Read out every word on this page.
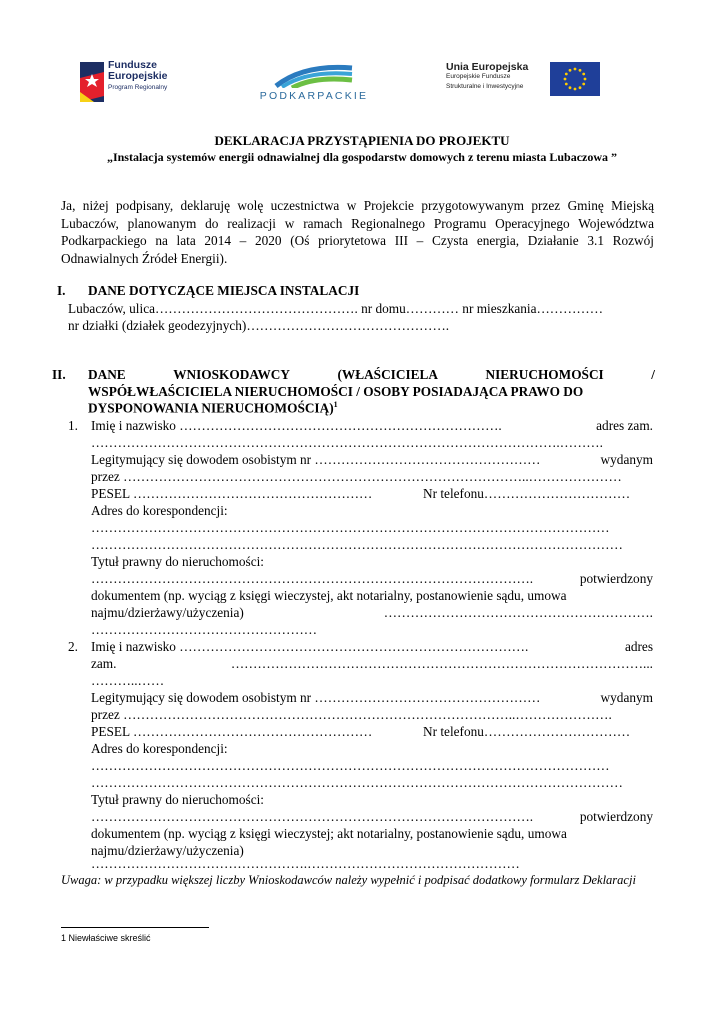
Fundusze
Europejskie
Program Regionalny
PODKARPACKIE
Unia Europejska
Europejskie Fundusze
Strukturalne i Inwestycyjne
DEKLARACJA PRZYSTĄPIENIA DO PROJEKTU
„Instalacja systemów energii odnawialnej dla gospodarstw domowych z terenu miasta Lubaczowa ”
Ja, niżej podpisany, deklaruję wolę uczestnictwa w Projekcie przygotowywanym przez Gminę Miejską Lubaczów, planowanym do realizacji w ramach Regionalnego Programu Operacyjnego Województwa Podkarpackiego na lata 2014 – 2020 (Oś priorytetowa III – Czysta energia, Działanie 3.1 Rozwój Odnawialnych Źródeł Energii).
I. DANE DOTYCZĄCE MIEJSCA INSTALACJI
Lubaczów, ulica………………………………………. nr domu………… nr mieszkania……………
nr działki (działek geodezyjnych)……………………………………….
II. DANE	WNIOSKODAWCY	(WŁAŚCICIELA	NIERUCHOMOŚCI	/
WSPÓŁWŁAŚCICIELA NIERUCHOMOŚCI / OSOBY POSIADAJĄCA PRAWO DO
DYSPONOWANIA NIERUCHOMOŚCIĄ)$^1$
1. Imię i nazwisko ……………………………………………………………….	adres zam.
…………………………………………………………………………………………….……….
Legitymujący się dowodem osobistym nr ……………………………………………	wydanym
przez ………………………………………………………………………………..…………………
PESEL ………………………………………………	Nr telefonu……………………………
Adres do korespondencji:
………………………………………………………………………………………………………
…………………………………………………………………………………………………………
Tytuł prawny do nieruchomości:
……………………………………………………………………………………….	potwierdzony
dokumentem (np. wyciąg z księgi wieczystej, akt notarialny, postanowienie sądu, umowa
najmu/dzierżawy/użyczenia)	…………………………………………………….
……………………………………………
2. Imię i nazwisko …………………………………………………………………….	adres
zam.	…………………………………………………………………………………...
………..……
Legitymujący się dowodem osobistym nr ……………………………………………	wydanym
przez ……………………………………………………………………………..………………….
PESEL ………………………………………………	Nr telefonu……………………………
Adres do korespondencji:
………………………………………………………………………………………………………
…………………………………………………………………………………………………………
Tytuł prawny do nieruchomości:
……………………………………………………………………………………….	potwierdzony
dokumentem (np. wyciąg z księgi wieczystej; akt notarialny, postanowienie sądu, umowa
najmu/dzierżawy/użyczenia)
………………………………………….…………………………………………
Uwaga: w przypadku większej liczby Wnioskodawców należy wypełnić i podpisać dodatkowy formularz Deklaracji
1 Niewłaściwe skreślić
